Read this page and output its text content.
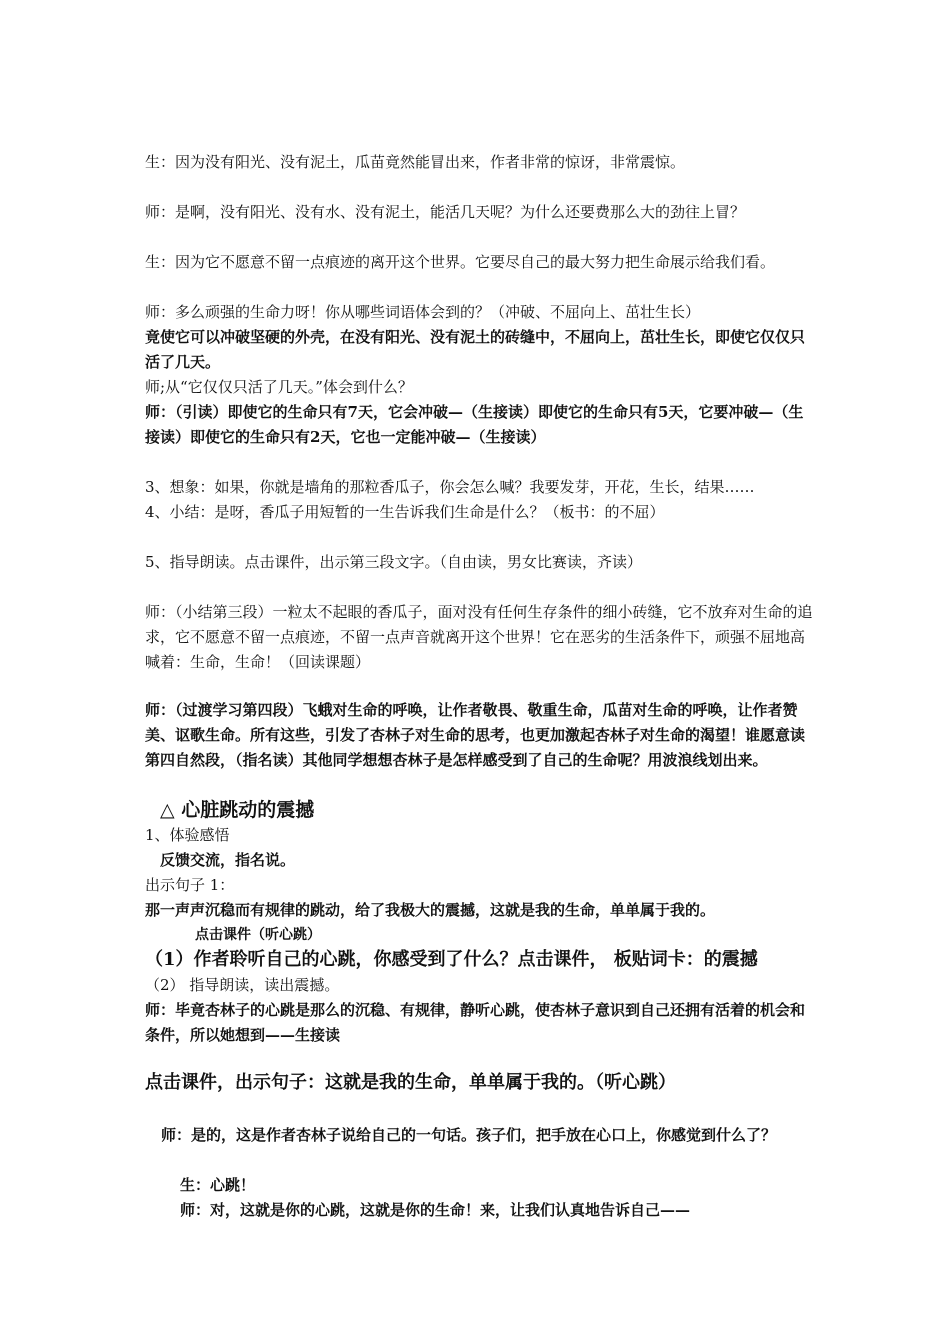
生：因为没有阳光、没有泥土，瓜苗竟然能冒出来，作者非常的惊讶，非常震惊。
师：是啊，没有阳光、没有水、没有泥土，能活几天呢？为什么还要费那么大的劲往上冒？
生：因为它不愿意不留一点痕迹的离开这个世界。它要尽自己的最大努力把生命展示给我们看。
师：多么顽强的生命力呀！你从哪些词语体会到的？（冲破、不屈向上、茁壮生长）
竟使它可以冲破坚硬的外壳，在没有阳光、没有泥土的砖缝中，不屈向上，茁壮生长，即使它仅仅只活了几天。
师;从“它仅仅只活了几天。”体会到什么？
师：（引读）即使它的生命只有7天，它会冲破—（生接读）即使它的生命只有5天，它要冲破—（生接读）即使它的生命只有2天，它也一定能冲破—（生接读）
3、想象：如果，你就是墙角的那粒香瓜子，你会怎么喊？我要发芽，开花，生长，结果……
4、小结：是呀，香瓜子用短暂的一生告诉我们生命是什么？（板书：的不屈）
5、指导朗读。点击课件，出示第三段文字。（自由读，男女比赛读，齐读）
师：（小结第三段）一粒太不起眼的香瓜子，面对没有任何生存条件的细小砖缝，它不放弃对生命的追求，它不愿意不留一点痕迹，不留一点声音就离开这个世界！它在恶劣的生活条件下，顽强不屈地高喊着：生命，生命！（回读课题）
师：（过渡学习第四段）飞蛾对生命的呼唤，让作者敬畏、敬重生命，瓜苗对生命的呼唤，让作者赞美、讴歌生命。所有这些，引发了杏林子对生命的思考，也更加激起杏林子对生命的渴望！谁愿意读第四自然段，（指名读）其他同学想想杏林子是怎样感受到了自己的生命呢？用波浪线划出来。
△ 心脏跳动的震撼
1、体验感悟
反馈交流，指名说。
出示句子 1：
那一声声沉稳而有规律的跳动，给了我极大的震撼，这就是我的生命，单单属于我的。
点击课件（听心跳）
（1）作者聆听自己的心跳，你感受到了什么？点击课件， 板贴词卡：的震撼
（2） 指导朗读，读出震撼。
师：毕竟杏林子的心跳是那么的沉稳、有规律，静听心跳，使杏林子意识到自己还拥有活着的机会和条件，所以她想到——生接读
点击课件，出示句子：这就是我的生命，单单属于我的。（听心跳）
师：是的，这是作者杏林子说给自己的一句话。孩子们，把手放在心口上，你感觉到什么了？
生：心跳！
师：对，这就是你的心跳，这就是你的生命！来，让我们认真地告诉自己——
